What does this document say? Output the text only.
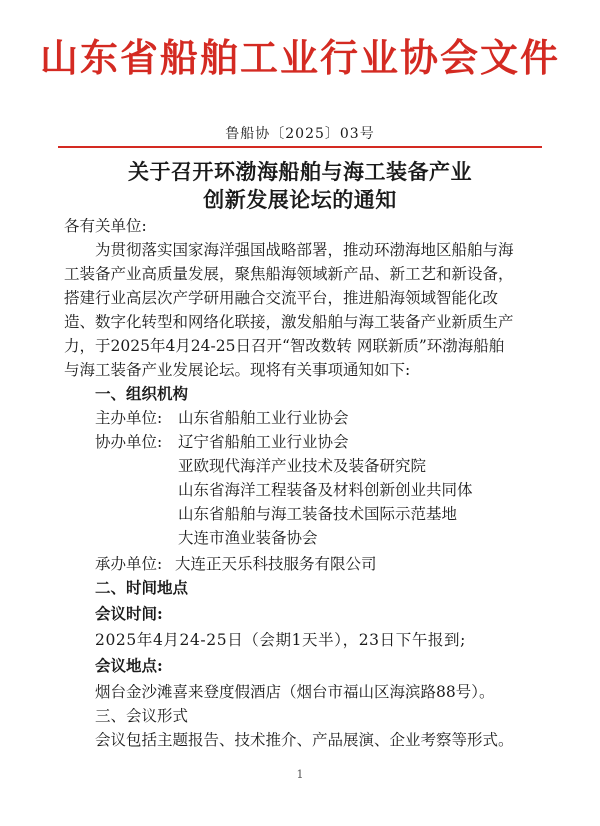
山东省船舶工业行业协会文件
鲁船协〔2025〕03号
关于召开环渤海船舶与海工装备产业
创新发展论坛的通知
各有关单位:
为贯彻落实国家海洋强国战略部署，推动环渤海地区船舶与海
工装备产业高质量发展，聚焦船海领域新产品、新工艺和新设备，
搭建行业高层次产学研用融合交流平台，推进船海领域智能化改
造、数字化转型和网络化联接，激发船舶与海工装备产业新质生产
力，于2025年4月24-25日召开“智改数转 网联新质”环渤海船舶
与海工装备产业发展论坛。现将有关事项通知如下:
一、组织机构
主办单位: 山东省船舶工业行业协会
协办单位: 辽宁省船舶工业行业协会
亚欧现代海洋产业技术及装备研究院
山东省海洋工程装备及材料创新创业共同体
山东省船舶与海工装备技术国际示范基地
大连市渔业装备协会
承办单位: 大连正天乐科技服务有限公司
二、时间地点
会议时间:
2025年4月24-25日（会期1天半），23日下午报到;
会议地点:
烟台金沙滩喜来登度假酒店（烟台市福山区海滨路88号）。
三、会议形式
会议包括主题报告、技术推介、产品展演、企业考察等形式。
1
